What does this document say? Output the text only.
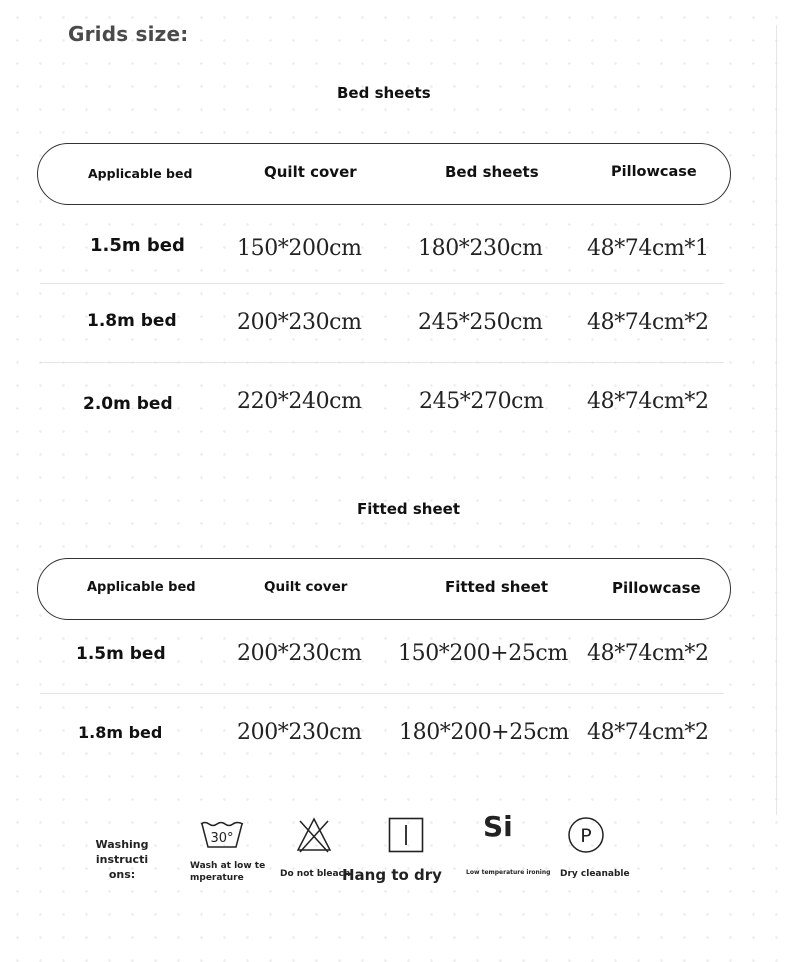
Grids size:
Bed sheets
Applicable bed	Quilt cover	Bed sheets	Pillowcase
1.5m bed 150*200cm	180*230cm 48*74cm*1
1.8m bed	200*230cm	245*250cm 48*74cm*2
2.0m bed	220*240cm	245*270cm 48*74cm*2
Fitted sheet
Applicable bed	Quilt cover	Fitted sheet	Pillowcase
1.5m bed	200*230cm 150*200+25cm 48*74cm*2
1.8m bed	200*230cm 180*200+25cm 48*74cm*2
Washing instructi
ons:
30°
Wash at low te
mperature	Do not bleach
Hang to dry
Si
Low temperature ironing
P
Dry cleanable
